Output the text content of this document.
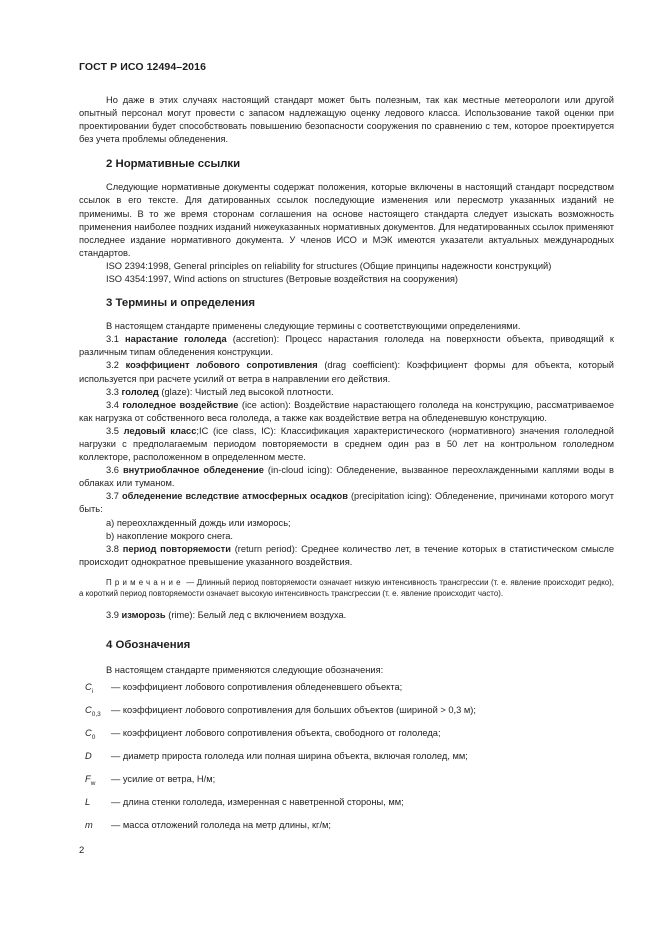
ГОСТ Р ИСО 12494–2016

Но даже в этих случаях настоящий стандарт может быть полезным, так как местные метеорологи или другой опытный персонал могут провести с запасом надлежащую оценку ледового класса. Использование такой оценки при проектировании будет способствовать повышению безопасности сооружения по сравнению с тем, которое проектируется без учета проблемы обледенения.

2 Нормативные ссылки

Следующие нормативные документы содержат положения, которые включены в настоящий стандарт посредством ссылок в его тексте. Для датированных ссылок последующие изменения или пересмотр указанных изданий не применимы. В то же время сторонам соглашения на основе настоящего стандарта следует изыскать возможность применения наиболее поздних изданий нижеуказанных нормативных документов. Для недатированных ссылок применяют последнее издание нормативного документа. У членов ИСО и МЭК имеются указатели актуальных международных стандартов.

ISO 2394:1998, General principles on reliability for structures (Общие принципы надежности конструкций)

ISO 4354:1997, Wind actions on structures (Ветровые воздействия на сооружения)

3 Термины и определения

В настоящем стандарте применены следующие термины с соответствующими определениями.

3.1 нарастание гололеда (accretion): Процесс нарастания гололеда на поверхности объекта, приводящий к различным типам обледенения конструкции.

3.2 коэффициент лобового сопротивления (drag coefficient): Коэффициент формы для объекта, который используется при расчете усилий от ветра в направлении его действия.

3.3 гололед (glaze): Чистый лед высокой плотности.

3.4 гололедное воздействие (ice action): Воздействие нарастающего гололеда на конструкцию, рассматриваемое как нагрузка от собственного веса гололеда, а также как воздействие ветра на обледеневшую конструкцию.

3.5 ледовый класс;IC (ice class, IC): Классификация характеристического (нормативного) значения гололедной нагрузки с предполагаемым периодом повторяемости в среднем один раз в 50 лет на контрольном гололедном коллекторе, расположенном в определенном месте.

3.6 внутриоблачное обледенение (in-cloud icing): Обледенение, вызванное переохлажденными каплями воды в облаках или туманом.

3.7 обледенение вследствие атмосферных осадков (precipitation icing): Обледенение, причинами которого могут быть:

a) переохлажденный дождь или изморось;

b) накопление мокрого снега.

3.8 период повторяемости (return period): Среднее количество лет, в течение которых в статистическом смысле происходит однократное превышение указанного воздействия.

Примечание — Длинный период повторяемости означает низкую интенсивность трансгрессии (т. е. явление происходит редко), а короткий период повторяемости означает высокую интенсивность трансгрессии (т. е. явление происходит часто).

3.9 изморозь (rime): Белый лед с включением воздуха.

4 Обозначения

В настоящем стандарте применяются следующие обозначения:

$C_i$	— коэффициент лобового сопротивления обледеневшего объекта;
$C_{0,3}$	— коэффициент лобового сопротивления для больших объектов (шириной > 0,3 м);
$C_0$	— коэффициент лобового сопротивления объекта, свободного от гололеда;
D	— диаметр прироста гололеда или полная ширина объекта, включая гололед, мм;
$F_w$	— усилие от ветра, Н/м;
L	— длина стенки гололеда, измеренная с наветренной стороны, мм;
m	— масса отложений гололеда на метр длины, кг/м;
2
